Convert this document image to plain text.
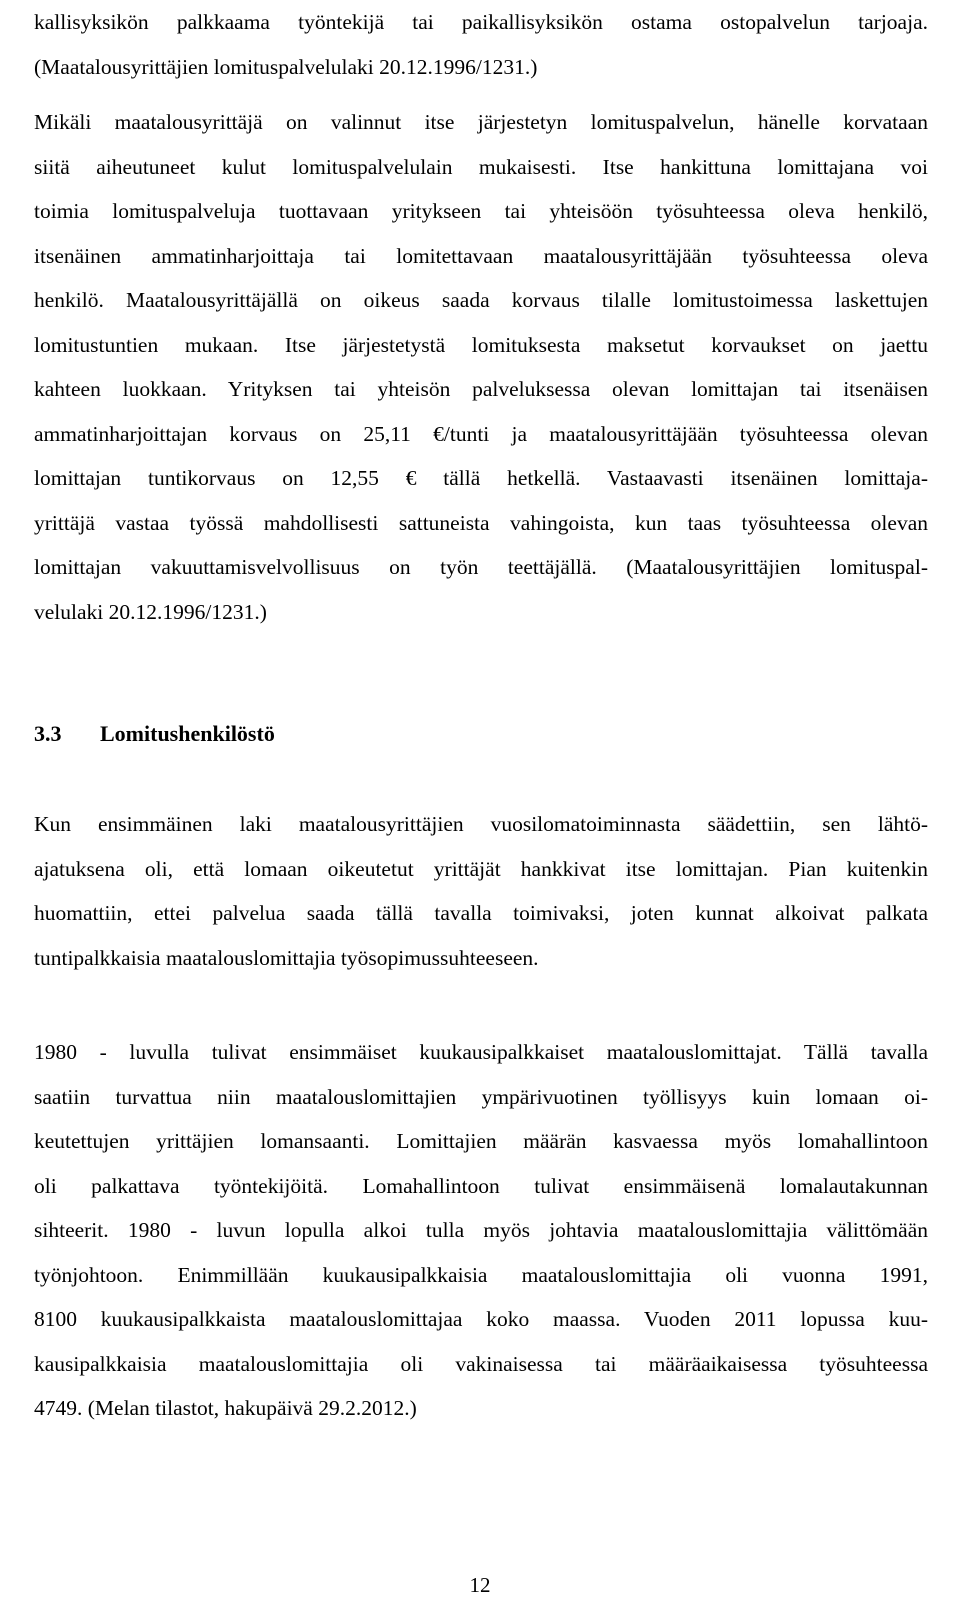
kallisyksikön palkkaama työntekijä tai paikallisyksikön ostama ostopalvelun tarjoaja.
(Maatalousyrittäjien lomituspalvelulaki 20.12.1996/1231.)
Mikäli maatalousyrittäjä on valinnut itse järjestetyn lomituspalvelun, hänelle korvataan
siitä aiheutuneet kulut lomituspalvelulain mukaisesti. Itse hankittuna lomittajana voi
toimia lomituspalveluja tuottavaan yritykseen tai yhteisöön työsuhteessa oleva henkilö,
itsenäinen ammatinharjoittaja tai lomitettavaan maatalousyrittäjään työsuhteessa oleva
henkilö. Maatalousyrittäjällä on oikeus saada korvaus tilalle lomitustoimessa laskettujen
lomitustuntien mukaan. Itse järjestetystä lomituksesta maksetut korvaukset on jaettu
kahteen luokkaan. Yrityksen tai yhteisön palveluksessa olevan lomittajan tai itsenäisen
ammatinharjoittajan korvaus on 25,11 €/tunti ja maatalousyrittäjään työsuhteessa olevan
lomittajan tuntikorvaus on 12,55 € tällä hetkellä. Vastaavasti itsenäinen lomittaja-
yrittäjä vastaa työssä mahdollisesti sattuneista vahingoista, kun taas työsuhteessa olevan
lomittajan vakuuttamisvelvollisuus on työn teettäjällä. (Maatalousyrittäjien lomituspal-
velulaki 20.12.1996/1231.)
3.3 Lomitushenkilöstö
Kun ensimmäinen laki maatalousyrittäjien vuosilomatoiminnasta säädettiin, sen lähtö-
ajatuksena oli, että lomaan oikeutetut yrittäjät hankkivat itse lomittajan. Pian kuitenkin
huomattiin, ettei palvelua saada tällä tavalla toimivaksi, joten kunnat alkoivat palkata
tuntipalkkaisia maatalouslomittajia työsopimussuhteeseen.
1980 - luvulla tulivat ensimmäiset kuukausipalkkaiset maatalouslomittajat. Tällä tavalla
saatiin turvattua niin maatalouslomittajien ympärivuotinen työllisyys kuin lomaan oi-
keutettujen yrittäjien lomansaanti. Lomittajien määrän kasvaessa myös lomahallintoon
oli palkattava työntekijöitä. Lomahallintoon tulivat ensimmäisenä lomalautakunnan
sihteerit. 1980 - luvun lopulla alkoi tulla myös johtavia maatalouslomittajia välittömään
työnjohtoon. Enimmillään kuukausipalkkaisia maatalouslomittajia oli vuonna 1991,
8100 kuukausipalkkaista maatalouslomittajaa koko maassa. Vuoden 2011 lopussa kuu-
kausipalkkaisia maatalouslomittajia oli vakinaisessa tai määräaikaisessa työsuhteessa
4749. (Melan tilastot, hakupäivä 29.2.2012.)
12
